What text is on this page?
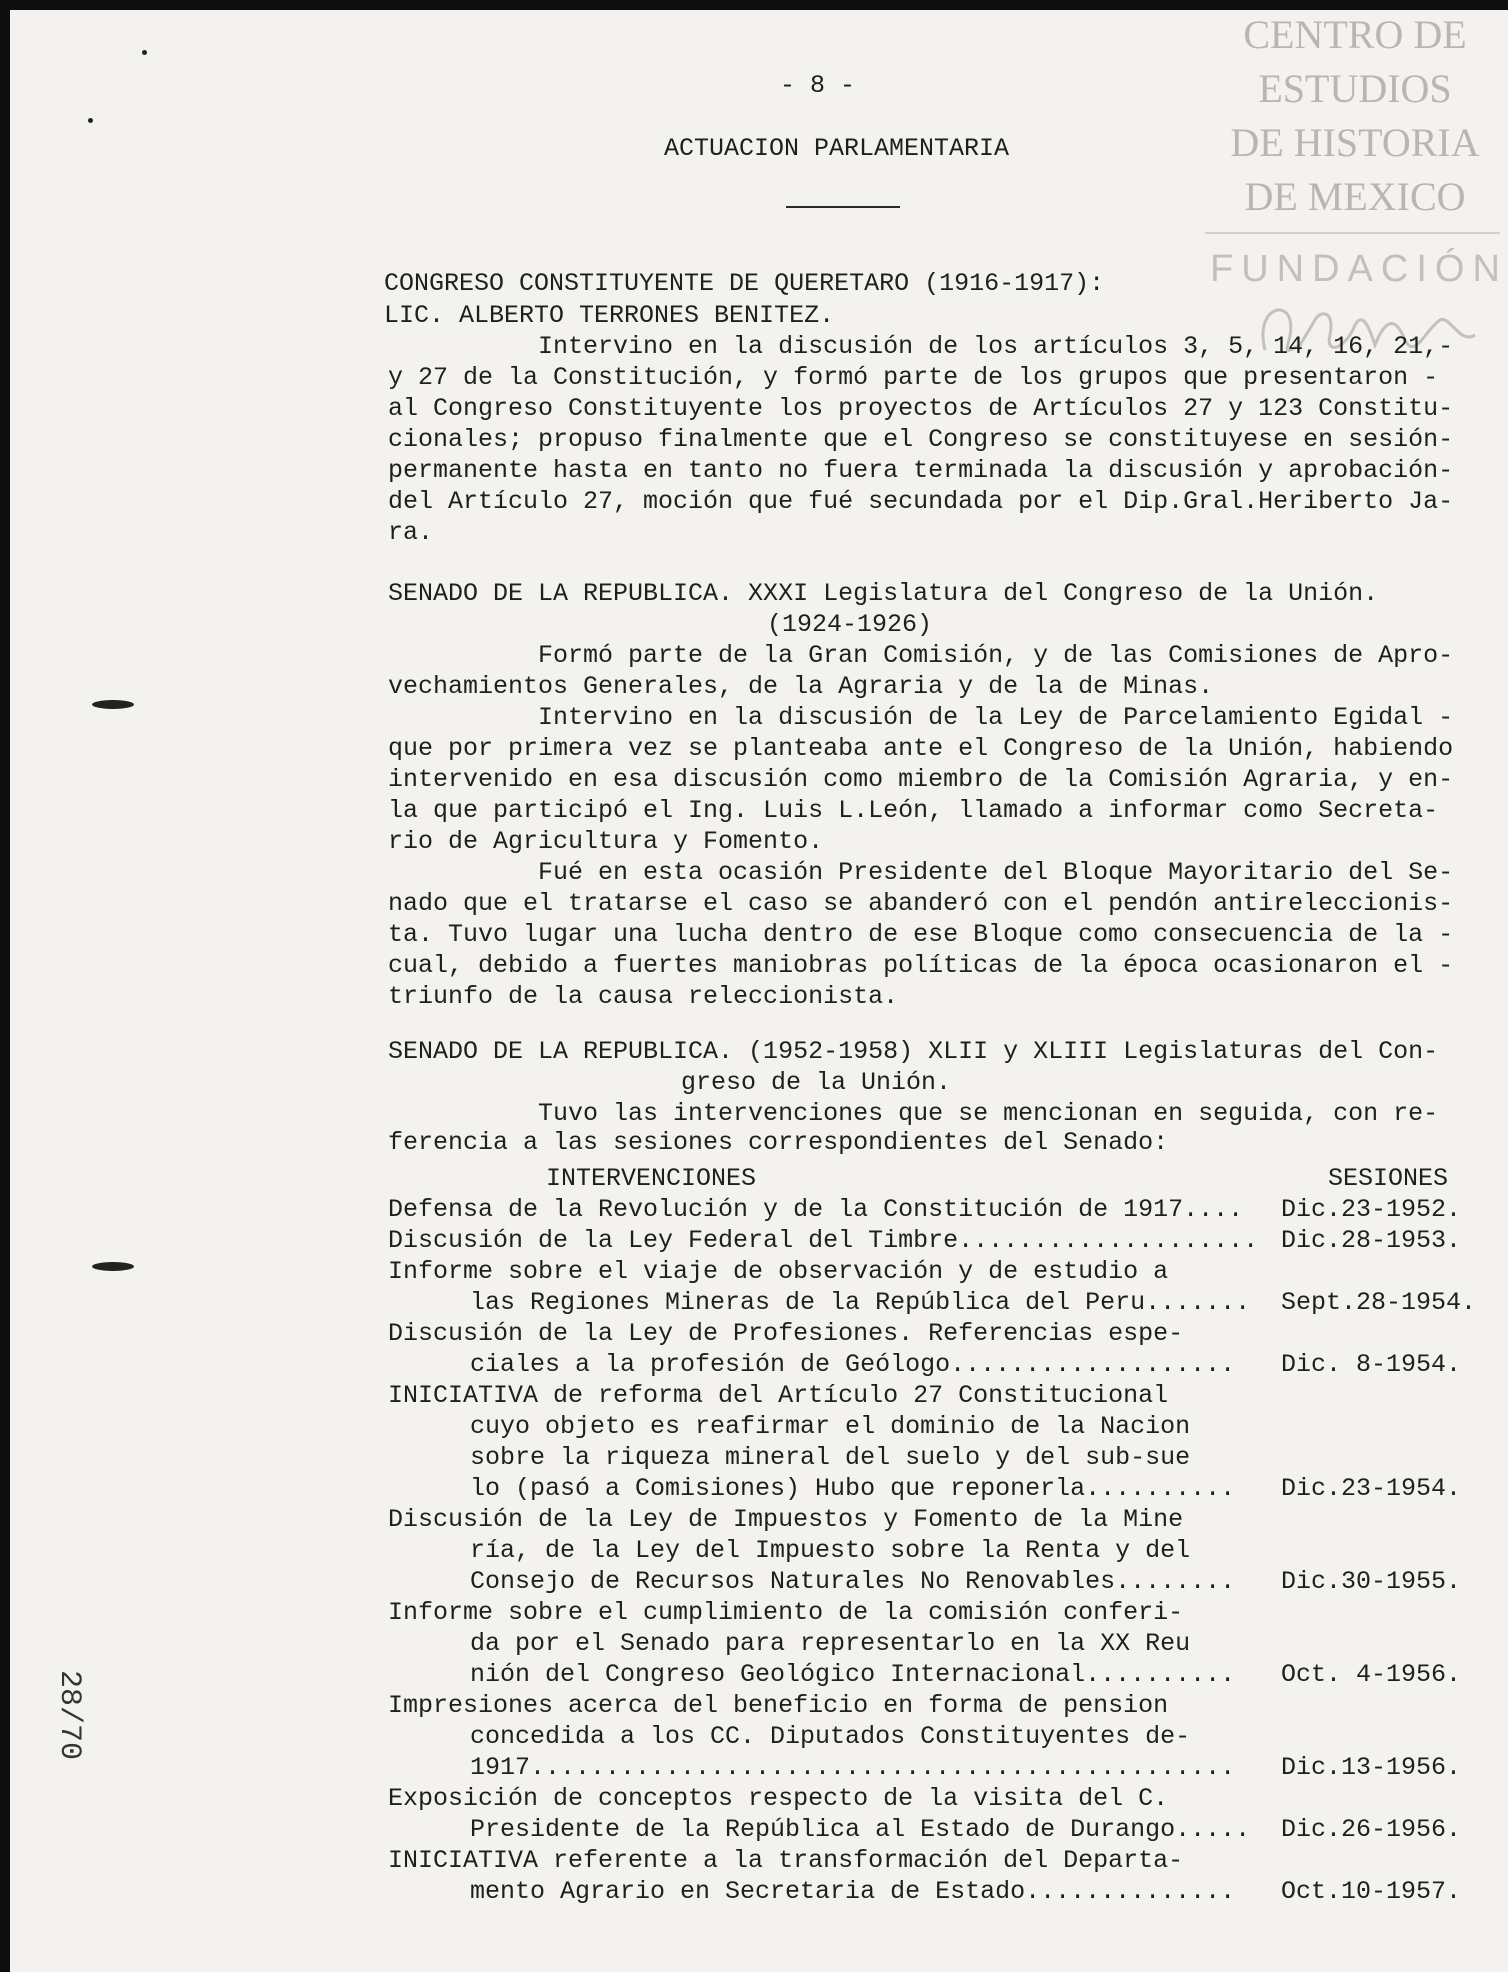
CENTRO DE
ESTUDIOS
DE HISTORIA
DE MEXICO
FUNDACIÓN
- 8 -
ACTUACION PARLAMENTARIA
CONGRESO CONSTITUYENTE DE QUERETARO (1916-1917):
LIC. ALBERTO TERRONES BENITEZ.
Intervino en la discusión de los artículos 3, 5, 14, 16, 21,-
y 27 de la Constitución, y formó parte de los grupos que presentaron -
al Congreso Constituyente los proyectos de Artículos 27 y 123 Constitu-
cionales; propuso finalmente que el Congreso se constituyese en sesión-
permanente hasta en tanto no fuera terminada la discusión y aprobación-
del Artículo 27, moción que fué secundada por el Dip.Gral.Heriberto Ja-
ra.
SENADO DE LA REPUBLICA. XXXI Legislatura del Congreso de la Unión.
(1924-1926)
Formó parte de la Gran Comisión, y de las Comisiones de Apro-
vechamientos Generales, de la Agraria y de la de Minas.
Intervino en la discusión de la Ley de Parcelamiento Egidal -
que por primera vez se planteaba ante el Congreso de la Unión, habiendo
intervenido en esa discusión como miembro de la Comisión Agraria, y en-
la que participó el Ing. Luis L.León, llamado a informar como Secreta-
rio de Agricultura y Fomento.
Fué en esta ocasión Presidente del Bloque Mayoritario del Se-
nado que el tratarse el caso se abanderó con el pendón antireleccionis-
ta. Tuvo lugar una lucha dentro de ese Bloque como consecuencia de la -
cual, debido a fuertes maniobras políticas de la época ocasionaron el -
triunfo de la causa releccionista.
SENADO DE LA REPUBLICA. (1952-1958) XLII y XLIII Legislaturas del Con-
greso de la Unión.
Tuvo las intervenciones que se mencionan en seguida, con re-
ferencia a las sesiones correspondientes del Senado:
INTERVENCIONES	SESIONES
Defensa de la Revolución y de la Constitución de 1917.... Dic.23-1952.
Discusión de la Ley Federal del Timbre.................... Dic.28-1953.
Informe sobre el viaje de observación y de estudio a
las Regiones Mineras de la República del Peru....... Sept.28-1954.
Discusión de la Ley de Profesiones. Referencias espe-
ciales a la profesión de Geólogo................... Dic. 8-1954.
INICIATIVA de reforma del Artículo 27 Constitucional
cuyo objeto es reafirmar el dominio de la Nacion
sobre la riqueza mineral del suelo y del sub-sue
lo (pasó a Comisiones) Hubo que reponerla.......... Dic.23-1954.
Discusión de la Ley de Impuestos y Fomento de la Mine
ría, de la Ley del Impuesto sobre la Renta y del
Consejo de Recursos Naturales No Renovables........ Dic.30-1955.
Informe sobre el cumplimiento de la comisión conferi-
da por el Senado para representarlo en la XX Reu
nión del Congreso Geológico Internacional.......... Oct. 4-1956.
Impresiones acerca del beneficio en forma de pension
concedida a los CC. Diputados Constituyentes de-
1917............................................... Dic.13-1956.
Exposición de conceptos respecto de la visita del C.
Presidente de la República al Estado de Durango..... Dic.26-1956.
INICIATIVA referente a la transformación del Departa-
mento Agrario en Secretaria de Estado.............. Oct.10-1957.
28/70
